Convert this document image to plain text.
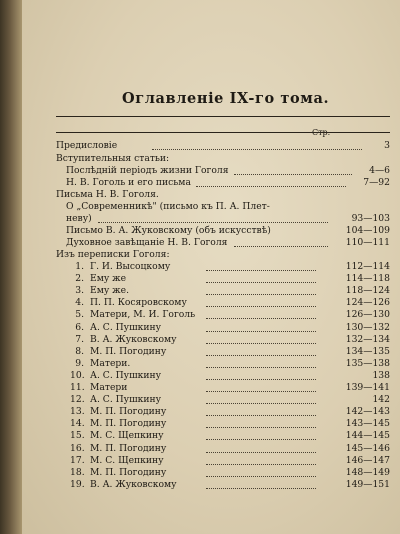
Оглавленіе IX-го тома.
Предисловіе	3
Вступительныя статьи:
Послѣдній періодъ жизни Гоголя	4—6
Н. В. Гоголь и его письма	7—92
Письма Н. В. Гоголя.
О „Современникѣ" (письмо къ П. А. Плет-
неву)	93—103
Письмо В. А. Жуковскому (объ искусствѣ)	104—109
Духовное завѣщаніе Н. В. Гоголя	110—111
Изъ переписки Гоголя:
1. Г. И. Высоцкому	112—114
2. Ему же	114—118
3. Ему же.	118—124
4. П. П. Косяровскому	124—126
5. Матери, М. И. Гоголь	126—130
6. А. С. Пушкину	130—132
7. В. А. Жуковскому	132—134
8. М. П. Погодину	134—135
9. Матери.	135—138
10. А. С. Пушкину	138
11. Матери	139—141
12. А. С. Пушкину	142
13. М. П. Погодину	142—143
14. М. П. Погодину	143—145
15. М. С. Щепкину	144—145
16. М. П. Погодину	145—146
17. М. С. Щепкину	146—147
18. М. П. Погодину	148—149
19. В. А. Жуковскому	149—151
